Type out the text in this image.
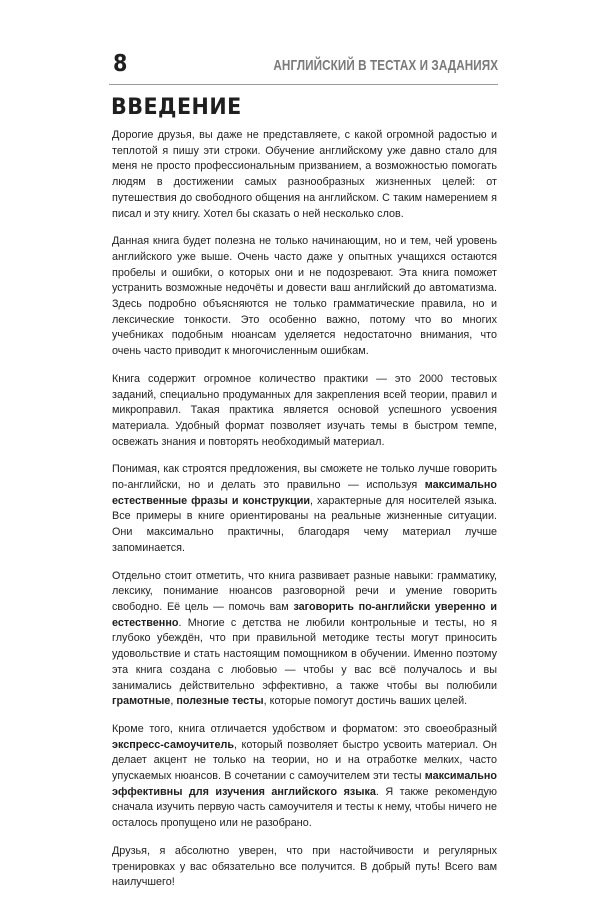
8	АНГЛИЙСКИЙ В ТЕСТАХ И ЗАДАНИЯХ
ВВЕДЕНИЕ

Дорогие друзья, вы даже не представляете, с какой огромной радостью и теплотой я пишу эти строки. Обучение английскому уже давно стало для меня не просто профессиональным призванием, а возможностью помогать людям в достижении самых разнообразных жизненных целей: от путешествия до свободного общения на английском. С таким намерением я писал и эту книгу. Хотел бы сказать о ней несколько слов.

Данная книга будет полезна не только начинающим, но и тем, чей уровень английского уже выше. Очень часто даже у опытных учащихся остаются пробелы и ошибки, о которых они и не подозревают. Эта книга поможет устранить возможные недочёты и довести ваш английский до автоматизма. Здесь подробно объясняются не только грамматические правила, но и лексические тонкости. Это особенно важно, потому что во многих учебниках подобным нюансам уделяется недостаточно внимания, что очень часто приводит к многочисленным ошибкам.

Книга содержит огромное количество практики — это 2000 тестовых заданий, специально продуманных для закрепления всей теории, правил и микроправил. Такая практика является основой успешного усвоения материала. Удобный формат позволяет изучать темы в быстром темпе, освежать знания и повторять необходимый материал.

Понимая, как строятся предложения, вы сможете не только лучше говорить по-английски, но и делать это правильно — используя максимально естественные фразы и конструкции, характерные для носителей языка. Все примеры в книге ориентированы на реальные жизненные ситуации. Они максимально практичны, благодаря чему материал лучше запоминается.

Отдельно стоит отметить, что книга развивает разные навыки: грамматику, лексику, понимание нюансов разговорной речи и умение говорить свободно. Её цель — помочь вам заговорить по-английски уверенно и естественно. Многие с детства не любили контрольные и тесты, но я глубоко убеждён, что при правильной методике тесты могут приносить удовольствие и стать настоящим помощником в обучении. Именно поэтому эта книга создана с любовью — чтобы у вас всё получалось и вы занимались действительно эффективно, а также чтобы вы полюбили грамотные, полезные тесты, которые помогут достичь ваших целей.

Кроме того, книга отличается удобством и форматом: это своеобразный экспресс-самоучитель, который позволяет быстро усвоить материал. Он делает акцент не только на теории, но и на отработке мелких, часто упускаемых нюансов. В сочетании с самоучителем эти тесты максимально эффективны для изучения английского языка. Я также рекомендую сначала изучить первую часть самоучителя и тесты к нему, чтобы ничего не осталось пропущено или не разобрано.

Друзья, я абсолютно уверен, что при настойчивости и регулярных тренировках у вас обязательно все получится. В добрый путь! Всего вам наилучшего!
